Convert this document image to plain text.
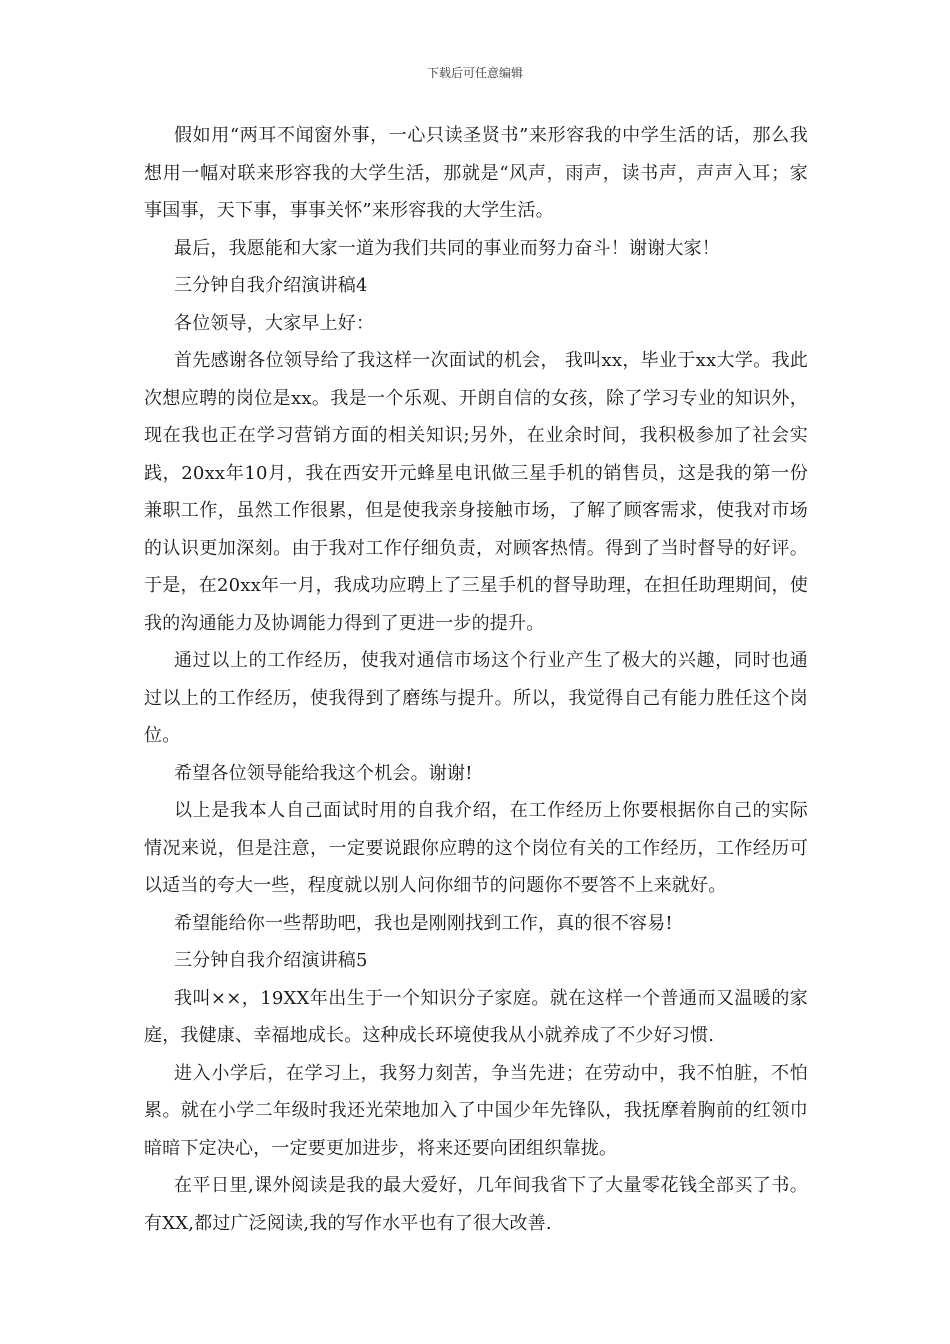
下载后可任意编辑

假如用“两耳不闻窗外事，一心只读圣贤书”来形容我的中学生活的话，那么我想用一幅对联来形容我的大学生活，那就是“风声，雨声，读书声，声声入耳；家事国事，天下事，事事关怀”来形容我的大学生活。

最后，我愿能和大家一道为我们共同的事业而努力奋斗！谢谢大家！

三分钟自我介绍演讲稿4

各位领导，大家早上好：

首先感谢各位领导给了我这样一次面试的机会， 我叫xx，毕业于xx大学。我此次想应聘的岗位是xx。我是一个乐观、开朗自信的女孩，除了学习专业的知识外，现在我也正在学习营销方面的相关知识;另外，在业余时间，我积极参加了社会实践，20xx年10月，我在西安开元蜂星电讯做三星手机的销售员，这是我的第一份兼职工作，虽然工作很累，但是使我亲身接触市场，了解了顾客需求，使我对市场的认识更加深刻。由于我对工作仔细负责，对顾客热情。得到了当时督导的好评。于是，在20xx年一月，我成功应聘上了三星手机的督导助理，在担任助理期间，使我的沟通能力及协调能力得到了更进一步的提升。

通过以上的工作经历，使我对通信市场这个行业产生了极大的兴趣，同时也通过以上的工作经历，使我得到了磨练与提升。所以，我觉得自己有能力胜任这个岗位。

希望各位领导能给我这个机会。谢谢!

以上是我本人自己面试时用的自我介绍，在工作经历上你要根据你自己的实际情况来说，但是注意，一定要说跟你应聘的这个岗位有关的工作经历，工作经历可以适当的夸大一些，程度就以别人问你细节的问题你不要答不上来就好。

希望能给你一些帮助吧，我也是刚刚找到工作，真的很不容易!

三分钟自我介绍演讲稿5

我叫××，19XX年出生于一个知识分子家庭。就在这样一个普通而又温暖的家庭，我健康、幸福地成长。这种成长环境使我从小就养成了不少好习惯.

进入小学后，在学习上，我努力刻苦，争当先进；在劳动中，我不怕脏，不怕累。就在小学二年级时我还光荣地加入了中国少年先锋队，我抚摩着胸前的红领巾暗暗下定决心，一定要更加进步，将来还要向团组织靠拢。

在平日里,课外阅读是我的最大爱好，几年间我省下了大量零花钱全部买了书。有XX,都过广泛阅读,我的写作水平也有了很大改善.
